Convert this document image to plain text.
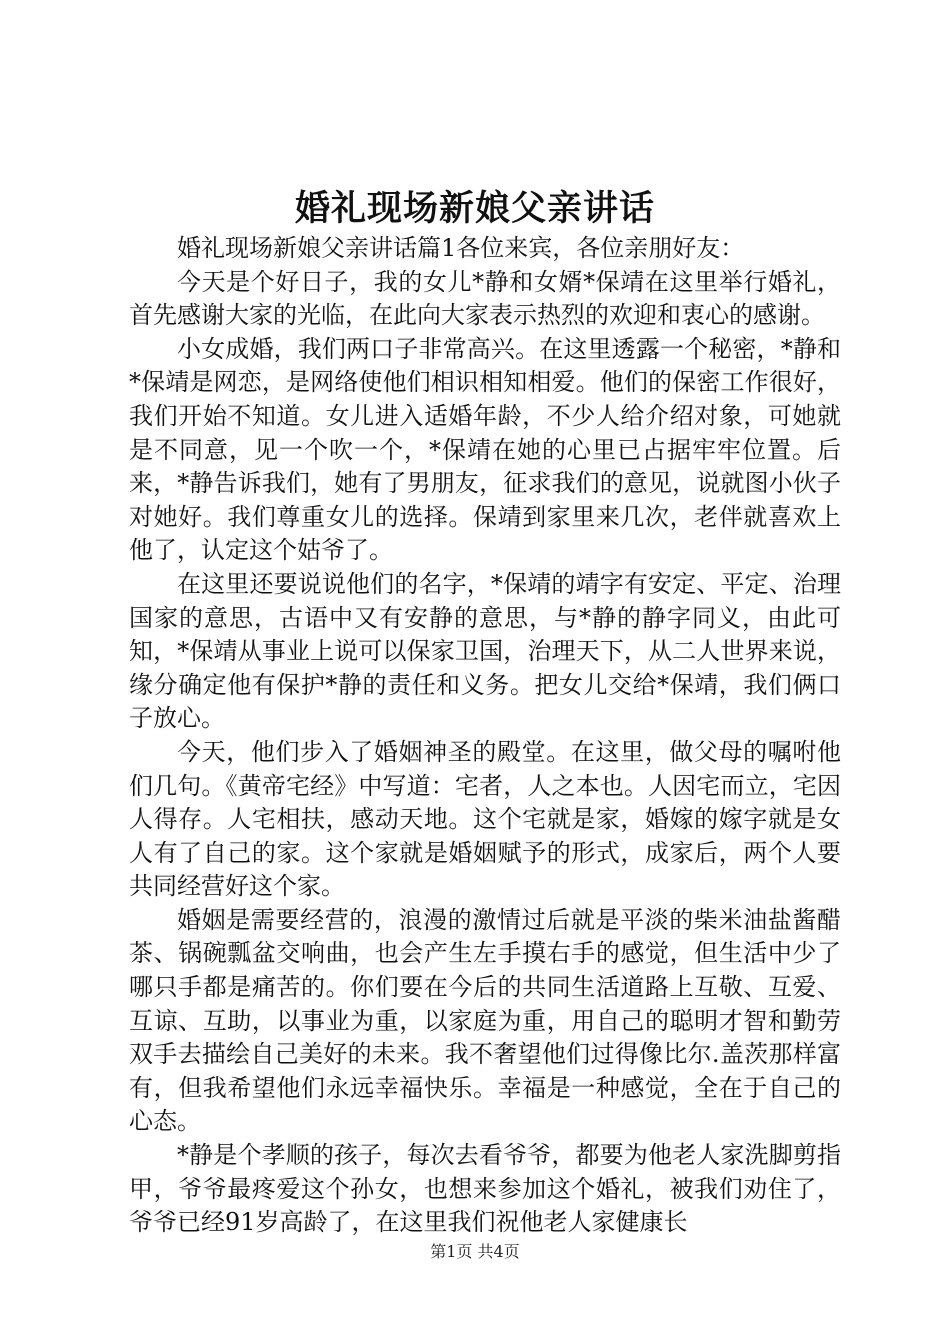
婚礼现场新娘父亲讲话

婚礼现场新娘父亲讲话篇1各位来宾，各位亲朋好友：

今天是个好日子，我的女儿*静和女婿*保靖在这里举行婚礼，首先感谢大家的光临，在此向大家表示热烈的欢迎和衷心的感谢。

小女成婚，我们两口子非常高兴。在这里透露一个秘密，*静和*保靖是网恋，是网络使他们相识相知相爱。他们的保密工作很好，我们开始不知道。女儿进入适婚年龄，不少人给介绍对象，可她就是不同意，见一个吹一个，*保靖在她的心里已占据牢牢位置。后来，*静告诉我们，她有了男朋友，征求我们的意见，说就图小伙子对她好。我们尊重女儿的选择。保靖到家里来几次，老伴就喜欢上他了，认定这个姑爷了。

在这里还要说说他们的名字，*保靖的靖字有安定、平定、治理国家的意思，古语中又有安静的意思，与*静的静字同义，由此可知，*保靖从事业上说可以保家卫国，治理天下，从二人世界来说，缘分确定他有保护*静的责任和义务。把女儿交给*保靖，我们俩口子放心。

今天，他们步入了婚姻神圣的殿堂。在这里，做父母的嘱咐他们几句。《黄帝宅经》中写道：宅者，人之本也。人因宅而立，宅因人得存。人宅相扶，感动天地。这个宅就是家，婚嫁的嫁字就是女人有了自己的家。这个家就是婚姻赋予的形式，成家后，两个人要共同经营好这个家。

婚姻是需要经营的，浪漫的激情过后就是平淡的柴米油盐酱醋茶、锅碗瓢盆交响曲，也会产生左手摸右手的感觉，但生活中少了哪只手都是痛苦的。你们要在今后的共同生活道路上互敬、互爱、互谅、互助，以事业为重，以家庭为重，用自己的聪明才智和勤劳双手去描绘自己美好的未来。我不奢望他们过得像比尔.盖茨那样富有，但我希望他们永远幸福快乐。幸福是一种感觉，全在于自己的心态。

*静是个孝顺的孩子，每次去看爷爷，都要为他老人家洗脚剪指甲，爷爷最疼爱这个孙女，也想来参加这个婚礼，被我们劝住了，爷爷已经91岁高龄了，在这里我们祝他老人家健康长

第1页 共4页
